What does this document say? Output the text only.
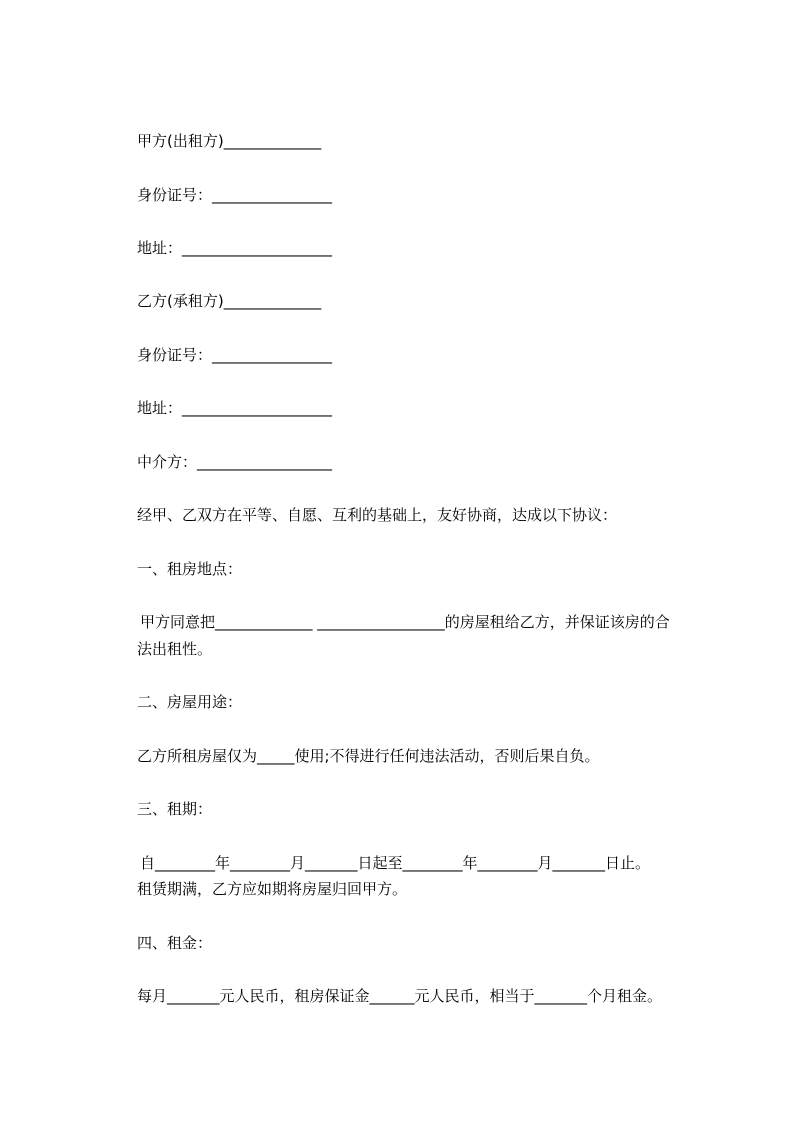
甲方(出租方)_____________

身份证号：________________

地址：____________________

乙方(承租方)_____________

身份证号：________________

地址：____________________

中介方：__________________

经甲、乙双方在平等、自愿、互利的基础上，友好协商，达成以下协议：

一、租房地点：

甲方同意把_____________ _________________的房屋租给乙方，并保证该房的合

法出租性。

二、房屋用途：

乙方所租房屋仅为_____使用;不得进行任何违法活动，否则后果自负。

三、租期：

自________年________月_______日起至________年________月_______日止。

租赁期满，乙方应如期将房屋归回甲方。

四、租金：

每月_______元人民币，租房保证金______元人民币，相当于_______个月租金。
